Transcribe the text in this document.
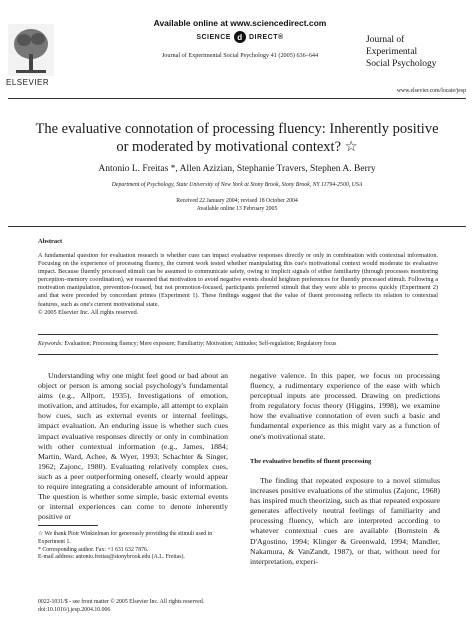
Available online at www.sciencedirect.com
SCIENCE d DIRECT®
Journal of Experimental Social Psychology 41 (2005) 636–644
ELSEVIER
Journal of
Experimental
Social Psychology
www.elsevier.com/locate/jesp
The evaluative connotation of processing fluency: Inherently positive
or moderated by motivational context? ☆
Antonio L. Freitas *, Allen Azizian, Stephanie Travers, Stephen A. Berry
Department of Psychology, State University of New York at Stony Brook, Stony Brook, NY 11794-2500, USA
Received 22 January 2004; revised 18 October 2004
Available online 13 February 2005
Abstract
A fundamental question for evaluation research is whether cues can impact evaluative responses directly or only in combination with contextual information. Focusing on the experience of processing fluency, the current work tested whether manipulating this cue's motivational context would moderate its evaluative impact. Because fluently processed stimuli can be assumed to communicate safety, owing to implicit signals of either familiarity (through processes monitoring perception–memory coordination), we reasoned that motivation to avoid negative events should heighten preferences for fluently processed stimuli. Following a motivation manipulation, prevention-focused, but not promotion-focused, participants preferred stimuli that they were able to process quickly (Experiment 2) and that were preceded by concordant primes (Experiment 1). These findings suggest that the value of fluent processing reflects its relation to contextual features, such as one's current motivational state.
© 2005 Elsevier Inc. All rights reserved.
Keywords: Evaluation; Processing fluency; Mere exposure; Familiarity; Motivation; Attitudes; Self-regulation; Regulatory focus

Understanding why one might feel good or bad about an object or person is among social psychology's fundamental aims (e.g., Allport, 1935). Investigations of emotion, motivation, and attitudes, for example, all attempt to explain how cues, such as external events or internal feelings, impact evaluation. An enduring issue is whether such cues impact evaluative responses directly or only in combination with other contextual information (e.g., James, 1884; Martin, Ward, Achee, & Wyer, 1993; Schachter & Singer, 1962; Zajonc, 1980). Evaluating relatively complex cues, such as a peer outperforming oneself, clearly would appear to require integrating a considerable amount of information. The question is whether some simple, basic external events or internal experiences can come to denote inherently positive or

negative valence. In this paper, we focus on processing fluency, a rudimentary experience of the ease with which perceptual inputs are processed. Drawing on predictions from regulatory focus theory (Higgins, 1998), we examine how the evaluative connotation of even such a basic and fundamental experience as this might vary as a function of one's motivational state.

The evaluative benefits of fluent processing

The finding that repeated exposure to a novel stimulus increases positive evaluations of the stimulus (Zajonc, 1968) has inspired much theorizing, such as that repeated exposure generates affectively neutral feelings of familiarity and processing fluency, which are interpreted according to whatever contextual cues are available (Bornstein & D'Agostino, 1994; Klinger & Greenwald, 1994; Mandler, Nakamura, & VanZandt, 1987), or that, without need for interpretation, experi-

☆ We thank Piotr Winkielman for generously providing the stimuli used in Experiment 1.
* Corresponding author. Fax: +1 631 632 7876.
E-mail address: antonio.freitas@stonybrook.edu (A.L. Freitas).
0022-1031/$ - see front matter © 2005 Elsevier Inc. All rights reserved.
doi:10.1016/j.jesp.2004.10.006
